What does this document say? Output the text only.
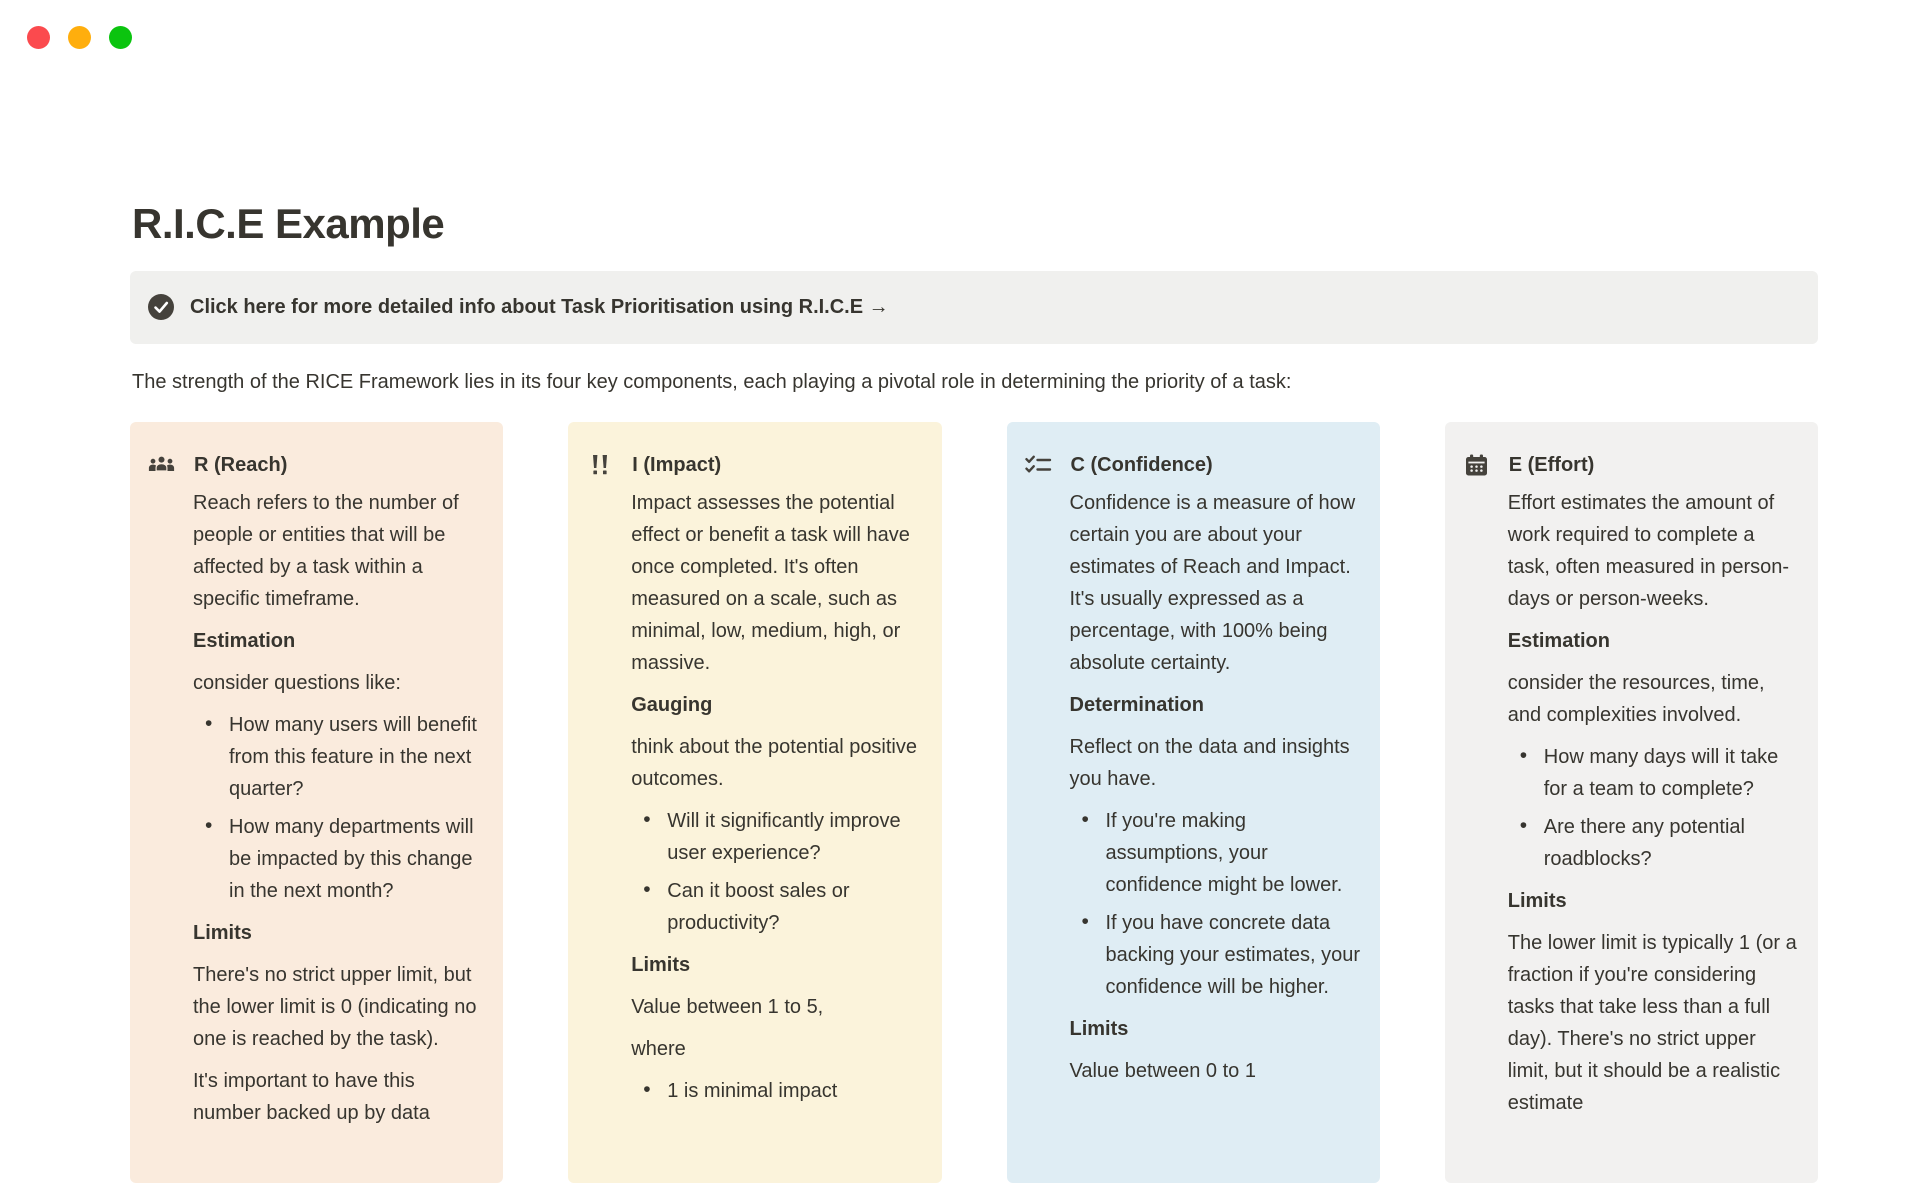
R.I.C.E Example
Click here for more detailed info about Task Prioritisation using R.I.C.E →
The strength of the RICE Framework lies in its four key components, each playing a pivotal role in determining the priority of a task:
R (Reach)
Reach refers to the number of people or entities that will be affected by a task within a specific timeframe.
Estimation
consider questions like:
• How many users will benefit from this feature in the next quarter?
• How many departments will be impacted by this change in the next month?
Limits
There's no strict upper limit, but the lower limit is 0 (indicating no one is reached by the task).
It's important to have this number backed up by data
I (Impact)
Impact assesses the potential effect or benefit a task will have once completed. It's often measured on a scale, such as minimal, low, medium, high, or massive.
Gauging
think about the potential positive outcomes.
• Will it significantly improve user experience?
• Can it boost sales or productivity?
Limits
Value between 1 to 5,
where
• 1 is minimal impact
C (Confidence)
Confidence is a measure of how certain you are about your estimates of Reach and Impact. It's usually expressed as a percentage, with 100% being absolute certainty.
Determination
Reflect on the data and insights you have.
• If you're making assumptions, your confidence might be lower.
• If you have concrete data backing your estimates, your confidence will be higher.
Limits
Value between 0 to 1
E (Effort)
Effort estimates the amount of work required to complete a task, often measured in person-days or person-weeks.
Estimation
consider the resources, time, and complexities involved.
• How many days will it take for a team to complete?
• Are there any potential roadblocks?
Limits
The lower limit is typically 1 (or a fraction if you're considering tasks that take less than a full day). There's no strict upper limit, but it should be a realistic estimate
